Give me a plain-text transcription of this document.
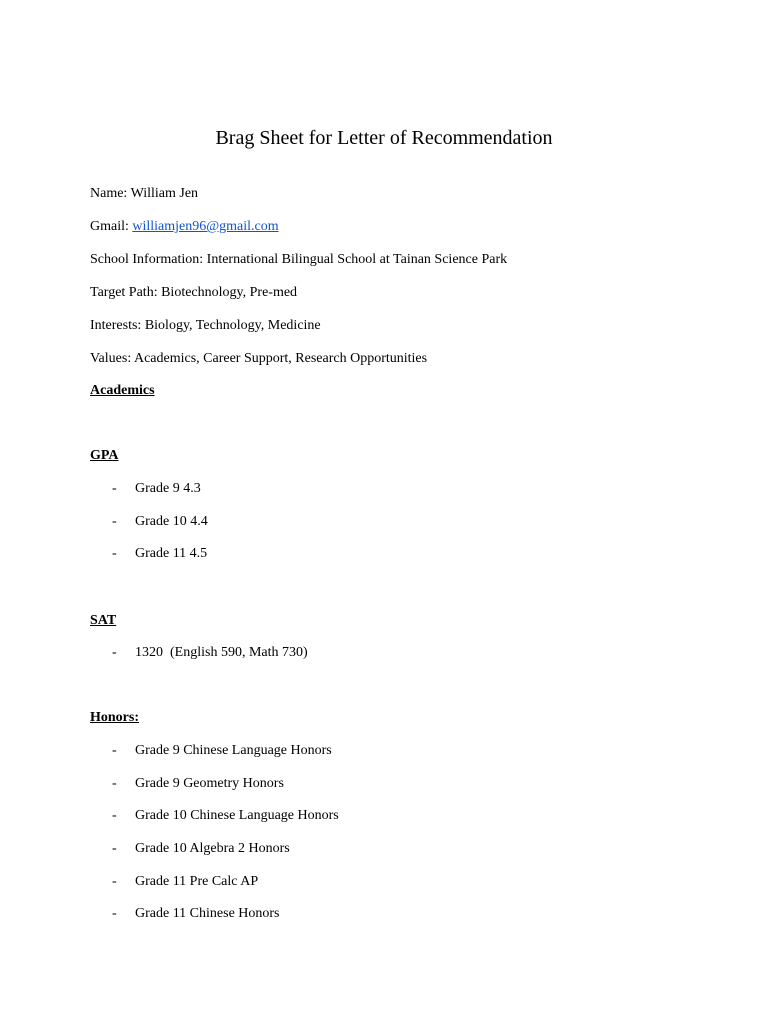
Brag Sheet for Letter of Recommendation
Name: William Jen
Gmail: williamjen96@gmail.com
School Information: International Bilingual School at Tainan Science Park
Target Path: Biotechnology, Pre-med
Interests: Biology, Technology, Medicine
Values: Academics, Career Support, Research Opportunities
Academics
GPA
- Grade 9 4.3
- Grade 10 4.4
- Grade 11 4.5
SAT
- 1320  (English 590, Math 730)
Honors:
- Grade 9 Chinese Language Honors
- Grade 9 Geometry Honors
- Grade 10 Chinese Language Honors
- Grade 10 Algebra 2 Honors
- Grade 11 Pre Calc AP
- Grade 11 Chinese Honors
